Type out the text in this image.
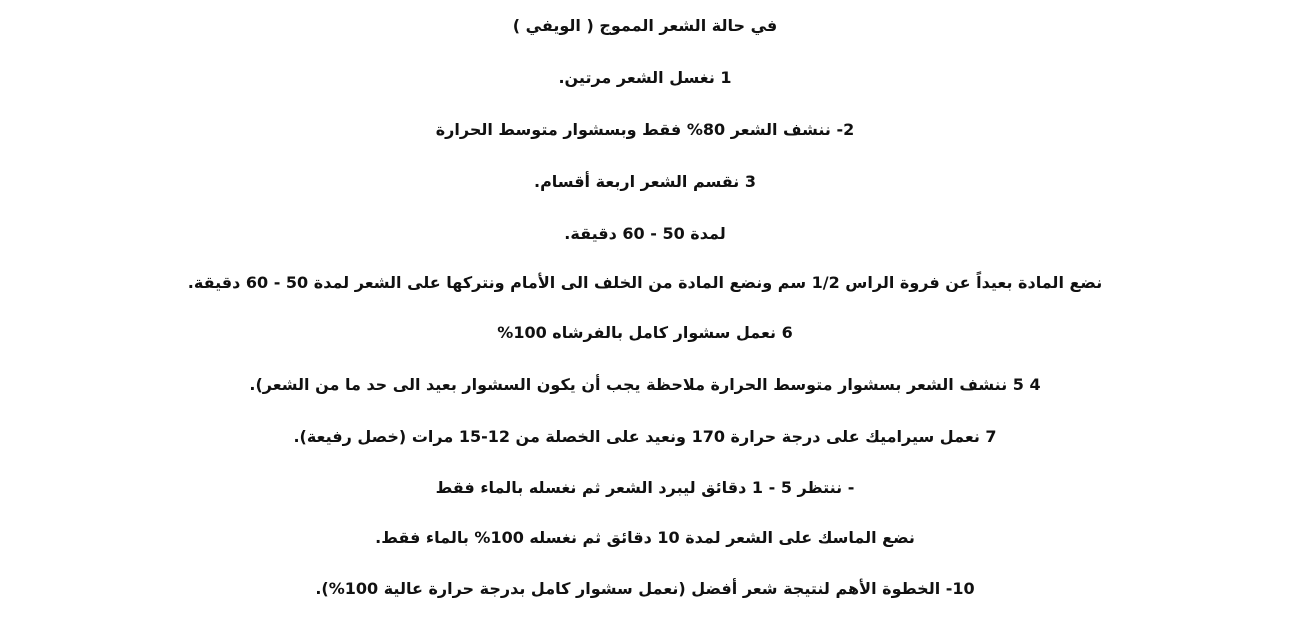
في حالة الشعر المموج ( الويفي )
1 نغسل الشعر مرتين.
2- ننشف الشعر 80% فقط وبسشوار متوسط الحرارة
3 نقسم الشعر اربعة أقسام.
لمدة 50 - 60 دقيقة.
نضع المادة بعيداً عن فروة الراس 1/2 سم ونضع المادة من الخلف الى الأمام ونتركها على الشعر لمدة 50 - 60 دقيقة.
6 نعمل سشوار كامل بالفرشاه 100%
4 5 ننشف الشعر بسشوار متوسط الحرارة ملاحظة يجب أن يكون السشوار بعيد الى حد ما من الشعر).
7 نعمل سيراميك على درجة حرارة 170 ونعيد على الخصلة من 12-15 مرات (خصل رفيعة).
- ننتظر 5 - 1 دقائق ليبرد الشعر ثم نغسله بالماء فقط
نضع الماسك على الشعر لمدة 10 دقائق ثم نغسله 100% بالماء فقط.
10- الخطوة الأهم لنتيجة شعر أفضل (نعمل سشوار كامل بدرجة حرارة عالية 100%).
